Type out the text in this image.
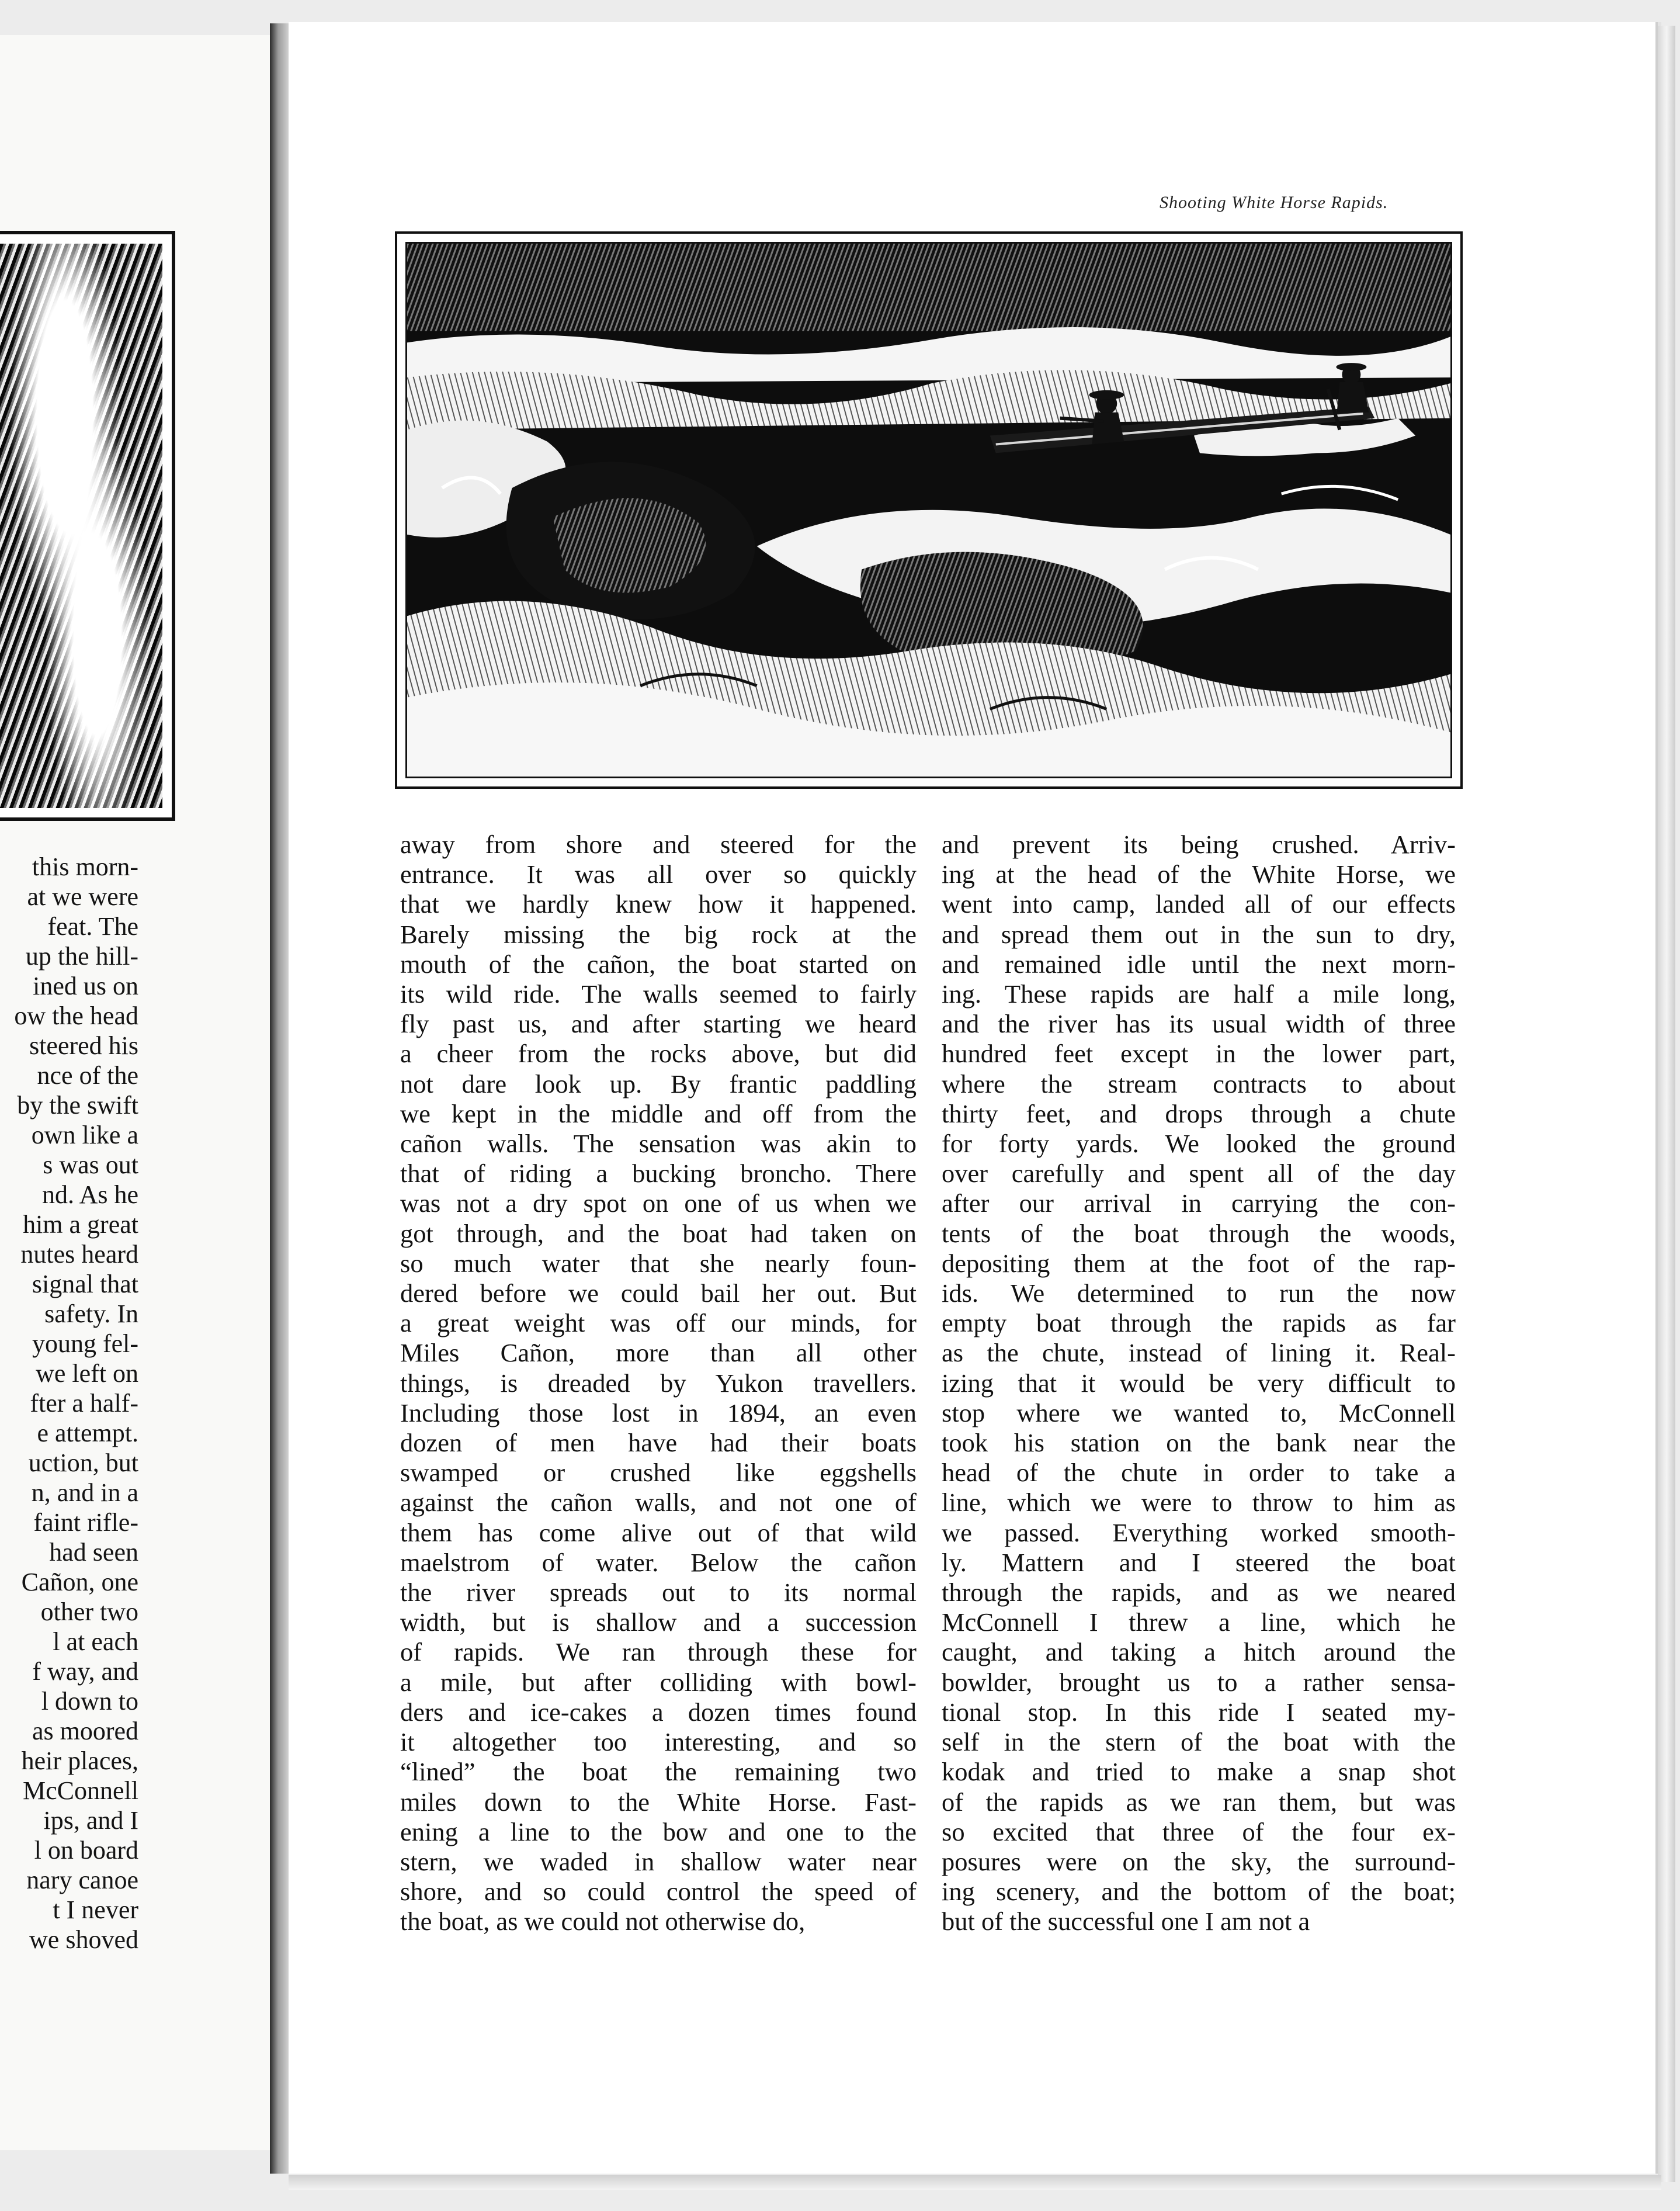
this morn-
at we were
feat. The
up the hill-
ined us on
ow the head
steered his
nce of the
by the swift
own like a
s was out
nd. As he
him a great
nutes heard
signal that
safety. In
young fel-
we left on
fter a half-
e attempt.
uction, but
n, and in a
faint rifle-
had seen
Cañon, one
other two
l at each
f way, and
l down to
as moored
heir places,
McConnell
ips, and I
l on board
nary canoe
t I never
we shoved
Shooting White Horse Rapids.
away from shore and steered for the
entrance. It was all over so quickly
that we hardly knew how it happened.
Barely missing the big rock at the
mouth of the cañon, the boat started on
its wild ride. The walls seemed to fairly
fly past us, and after starting we heard
a cheer from the rocks above, but did
not dare look up. By frantic paddling
we kept in the middle and off from the
cañon walls. The sensation was akin to
that of riding a bucking broncho. There
was not a dry spot on one of us when we
got through, and the boat had taken on
so much water that she nearly foun-
dered before we could bail her out. But
a great weight was off our minds, for
Miles Cañon, more than all other
things, is dreaded by Yukon travellers.
Including those lost in 1894, an even
dozen of men have had their boats
swamped or crushed like eggshells
against the cañon walls, and not one of
them has come alive out of that wild
maelstrom of water. Below the cañon
the river spreads out to its normal
width, but is shallow and a succession
of rapids. We ran through these for
a mile, but after colliding with bowl-
ders and ice-cakes a dozen times found
it altogether too interesting, and so
“lined” the boat the remaining two
miles down to the White Horse. Fast-
ening a line to the bow and one to the
stern, we waded in shallow water near
shore, and so could control the speed of
the boat, as we could not otherwise do,
and prevent its being crushed. Arriv-
ing at the head of the White Horse, we
went into camp, landed all of our effects
and spread them out in the sun to dry,
and remained idle until the next morn-
ing. These rapids are half a mile long,
and the river has its usual width of three
hundred feet except in the lower part,
where the stream contracts to about
thirty feet, and drops through a chute
for forty yards. We looked the ground
over carefully and spent all of the day
after our arrival in carrying the con-
tents of the boat through the woods,
depositing them at the foot of the rap-
ids. We determined to run the now
empty boat through the rapids as far
as the chute, instead of lining it. Real-
izing that it would be very difficult to
stop where we wanted to, McConnell
took his station on the bank near the
head of the chute in order to take a
line, which we were to throw to him as
we passed. Everything worked smooth-
ly. Mattern and I steered the boat
through the rapids, and as we neared
McConnell I threw a line, which he
caught, and taking a hitch around the
bowlder, brought us to a rather sensa-
tional stop. In this ride I seated my-
self in the stern of the boat with the
kodak and tried to make a snap shot
of the rapids as we ran them, but was
so excited that three of the four ex-
posures were on the sky, the surround-
ing scenery, and the bottom of the boat;
but of the successful one I am not a
